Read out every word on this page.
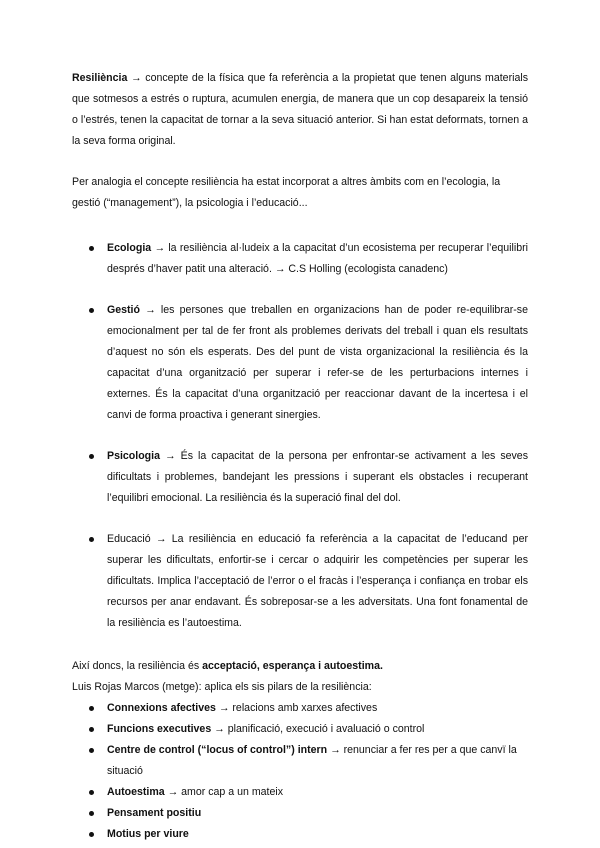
Resiliència → concepte de la física que fa referència a la propietat que tenen alguns materials que sotmesos a estrés o ruptura, acumulen energia, de manera que un cop desapareix la tensió o l’estrés, tenen la capacitat de tornar a la seva situació anterior. Si han estat deformats, tornen a la seva forma original.

Per analogia el concepte resiliència ha estat incorporat a altres àmbits com en l’ecologia, la gestió (“management”), la psicologia i l’educació...

Ecologia → la resiliència al·ludeix a la capacitat d’un ecosistema per recuperar l’equilibri després d’haver patit una alteració. → C.S Holling (ecologista canadenc)

Gestió → les persones que treballen en organizacions han de poder re-equilibrar-se emocionalment per tal de fer front als problemes derivats del treball i quan els resultats d’aquest no són els esperats. Des del punt de vista organizacional la resiliència és la capacitat d’una organització per superar i refer-se de les perturbacions internes i externes. És la capacitat d’una organització per reaccionar davant de la incertesa i el canvi de forma proactiva i generant sinergies.

Psicologia → És la capacitat de la persona per enfrontar-se activament a les seves dificultats i problemes, bandejant les pressions i superant els obstacles i recuperant l’equilibri emocional. La resiliència és la superació final del dol.

Educació → La resiliència en educació fa referència a la capacitat de l’educand per superar les dificultats, enfortir-se i cercar o adquirir les competències per superar les dificultats. Implica l’acceptació de l’error o el fracàs i l’esperança i confiança en trobar els recursos per anar endavant. És sobreposar-se a les adversitats. Una font fonamental de la resiliència es l’autoestima.

Així doncs, la resiliència és acceptació, esperança i autoestima.

Luis Rojas Marcos (metge): aplica els sis pilars de la resiliència:

Connexions afectives → relacions amb xarxes afectives

Funcions executives → planificació, execució i avaluació o control

Centre de control (“locus of control”) intern → renunciar a fer res per a que canvï la situació

Autoestima → amor cap a un mateix

Pensament positiu

Motius per viure
